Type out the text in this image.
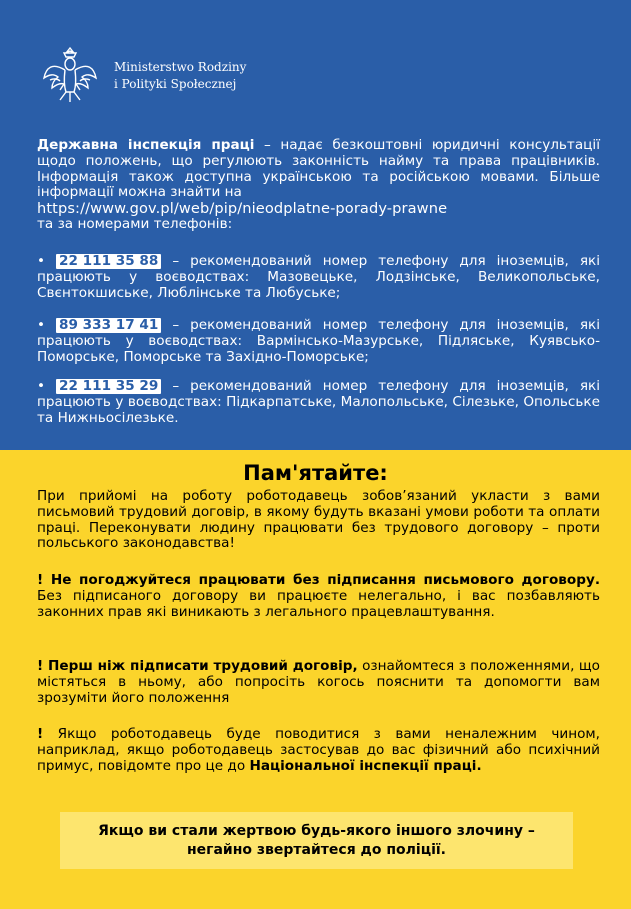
Ministerstwo Rodziny
i Polityki Społecznej

Державна інспекція праці – надає безкоштовні юридичні консультації щодо положень, що регулюють законність найму та права працівників. Інформація також доступна українською та російською мовами. Більше інформації можна знайти на

https://www.gov.pl/web/pip/nieodplatne-porady-prawne
та за номерами телефонів:

• 22 111 35 88 – рекомендований номер телефону для іноземців, які працюють у воєводствах: Мазовецьке, Лодзінське, Великопольське, Свєнтокшиське, Люблінське та Любуське;

• 89 333 17 41 – рекомендований номер телефону для іноземців, які працюють у воєводствах: Вармінсько-Мазурське, Підляське, Куявсько-Поморське, Поморське та Західно-Поморське;

• 22 111 35 29 – рекомендований номер телефону для іноземців, які працюють у воєводствах: Підкарпатське, Малопольське, Сілезьке, Опольське та Нижньосілезьке.

Пам'ятайте:

При прийомі на роботу роботодавець зобов’язаний укласти з вами письмовий трудовий договір, в якому будуть вказані умови роботи та оплати праці. Переконувати людину працювати без трудового договору – проти польського законодавства!

! Не погоджуйтеся працювати без підписання письмового договору. Без підписаного договору ви працюєте нелегально, і вас позбавляють законних прав які виникають з легального працевлаштування.

! Перш ніж підписати трудовий договір, ознайомтеся з положеннями, що містяться в ньому, або попросіть когось пояснити та допомогти вам зрозуміти його положення

! Якщо роботодавець буде поводитися з вами неналежним чином, наприклад, якщо роботодавець застосував до вас фізичний або психічний примус, повідомте про це до Національної інспекції праці.

Якщо ви стали жертвою будь-якого іншого злочину –
негайно звертайтеся до поліції.
